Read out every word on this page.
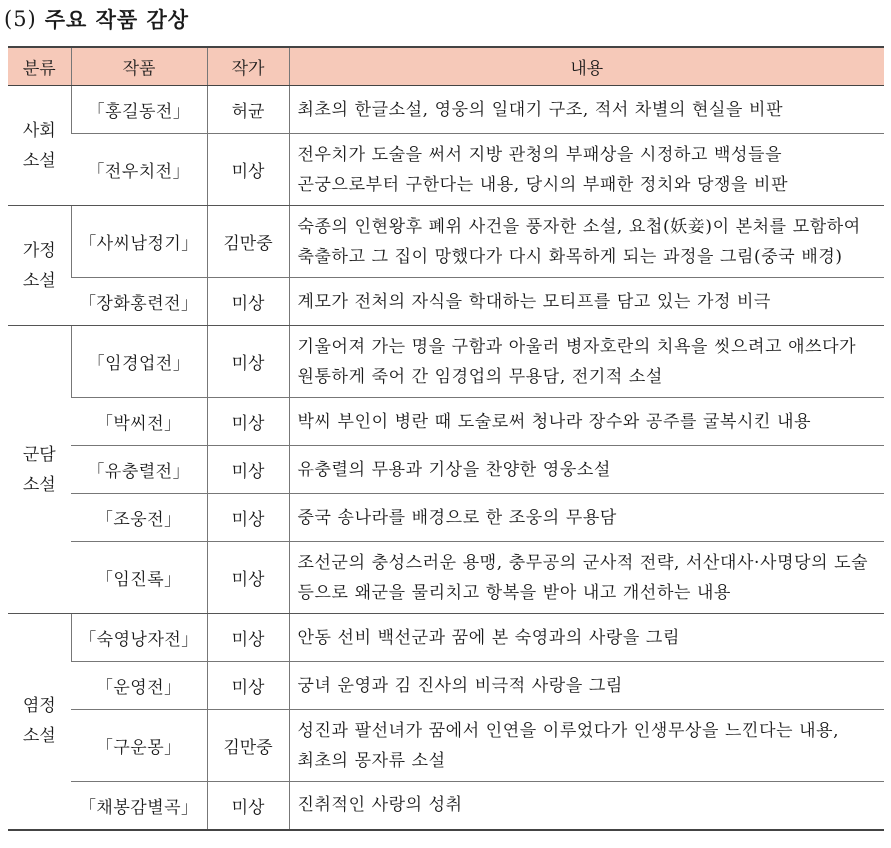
(5) 주요 작품 감상
분류	작품	작가	내용

사회
소설	「홍길동전」	허균	최초의 한글소설, 영웅의 일대기 구조, 적서 차별의 현실을 비판
	「전우치전」	미상	전우치가 도술을 써서 지방 관청의 부패상을 시정하고 백성들을 곤궁으로부터 구한다는 내용, 당시의 부패한 정치와 당쟁을 비판

가정
소설	「사씨남정기」	김만중	숙종의 인현왕후 폐위 사건을 풍자한 소설, 요첩(妖妾)이 본처를 모함하여 축출하고 그 집이 망했다가 다시 화목하게 되는 과정을 그림(중국 배경)
	「장화홍련전」	미상	계모가 전처의 자식을 학대하는 모티프를 담고 있는 가정 비극

군담
소설	「임경업전」	미상	기울어져 가는 명을 구함과 아울러 병자호란의 치욕을 씻으려고 애쓰다가 원통하게 죽어 간 임경업의 무용담, 전기적 소설
	「박씨전」	미상	박씨 부인이 병란 때 도술로써 청나라 장수와 공주를 굴복시킨 내용
	「유충렬전」	미상	유충렬의 무용과 기상을 찬양한 영웅소설
	「조웅전」	미상	중국 송나라를 배경으로 한 조웅의 무용담
	「임진록」	미상	조선군의 충성스러운 용맹, 충무공의 군사적 전략, 서산대사·사명당의 도술 등으로 왜군을 물리치고 항복을 받아 내고 개선하는 내용

염정
소설	「숙영낭자전」	미상	안동 선비 백선군과 꿈에 본 숙영과의 사랑을 그림
	「운영전」	미상	궁녀 운영과 김 진사의 비극적 사랑을 그림
	「구운몽」	김만중	성진과 팔선녀가 꿈에서 인연을 이루었다가 인생무상을 느낀다는 내용, 최초의 몽자류 소설
	「채봉감별곡」	미상	진취적인 사랑의 성취
